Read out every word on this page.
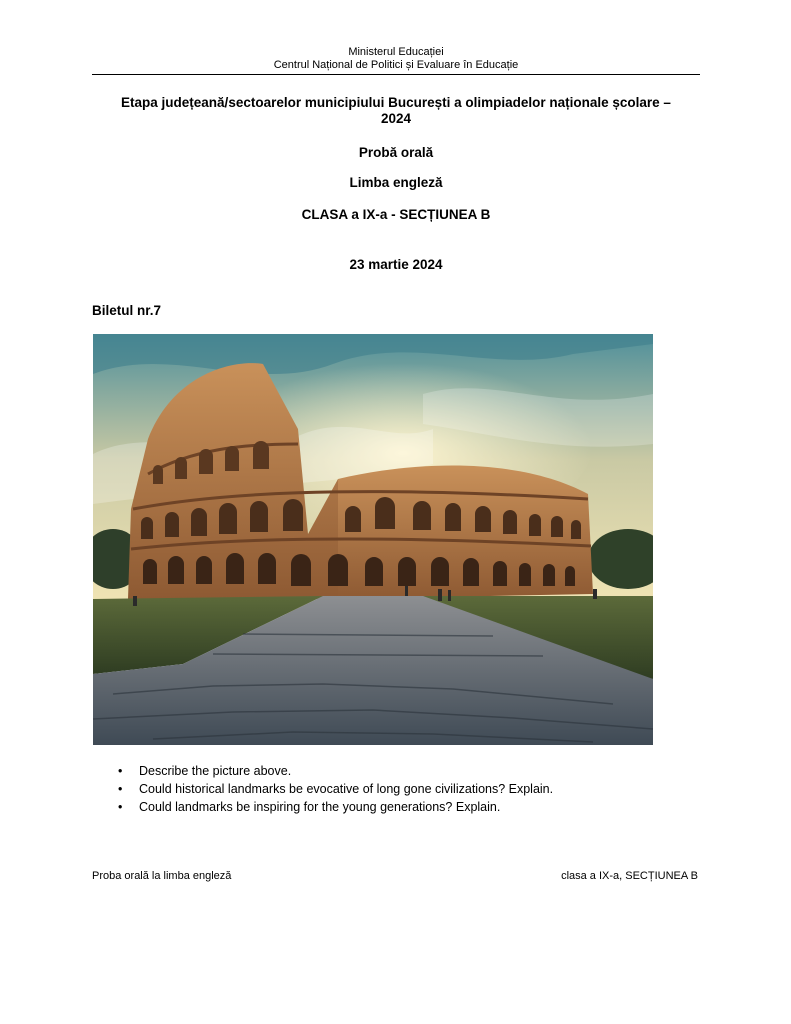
Ministerul Educației
Centrul Național de Politici și Evaluare în Educație
Etapa județeană/sectoarelor municipiului București a olimpiadelor naționale școlare –
2024
Probă orală
Limba engleză
CLASA a IX-a - SECȚIUNEA B
23 martie 2024
Biletul nr.7
• Describe the picture above.
• Could historical landmarks be evocative of long gone civilizations? Explain.
• Could landmarks be inspiring for the young generations? Explain.
Proba orală la limba engleză	clasa a IX-a, SECȚIUNEA B
